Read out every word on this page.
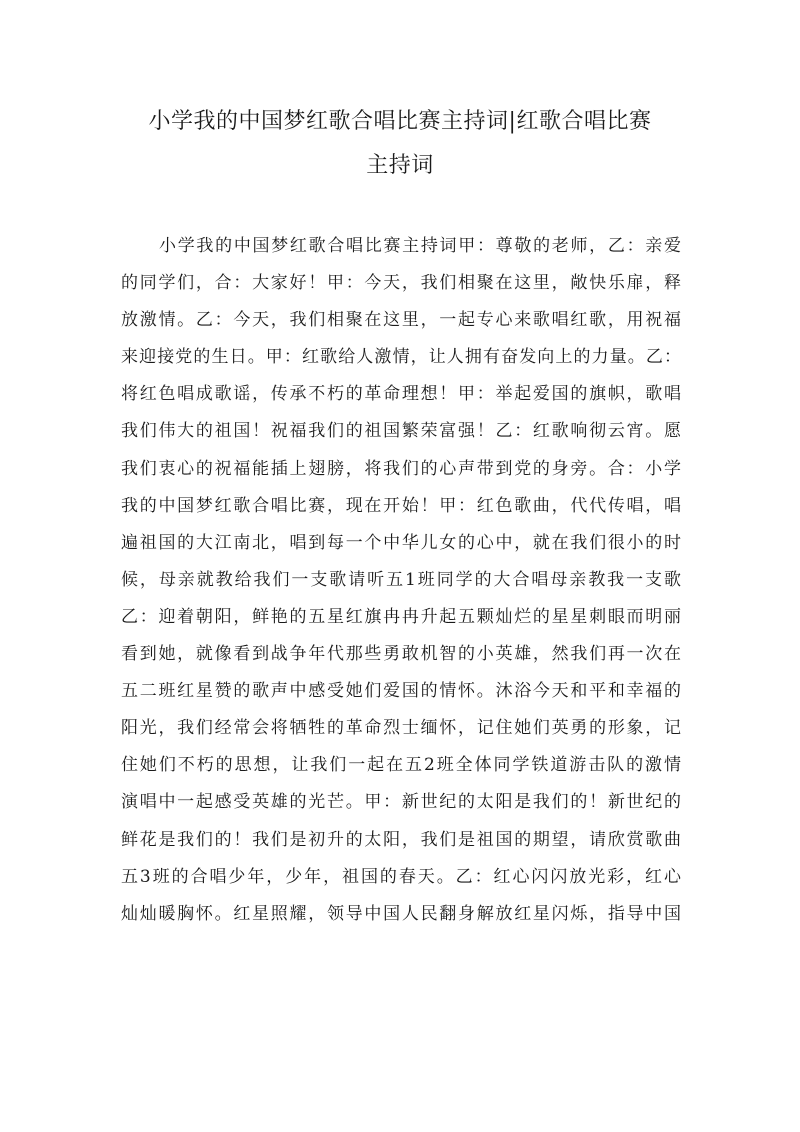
小学我的中国梦红歌合唱比赛主持词|红歌合唱比赛
主持词
小学我的中国梦红歌合唱比赛主持词甲：尊敬的老师，乙：亲爱
的同学们，合：大家好！甲：今天，我们相聚在这里，敞快乐扉，释
放激情。乙：今天，我们相聚在这里，一起专心来歌唱红歌，用祝福
来迎接党的生日。甲：红歌给人激情，让人拥有奋发向上的力量。乙：
将红色唱成歌谣，传承不朽的革命理想！甲：举起爱国的旗帜，歌唱
我们伟大的祖国！祝福我们的祖国繁荣富强！乙：红歌响彻云宵。愿
我们衷心的祝福能插上翅膀，将我们的心声带到党的身旁。合：小学
我的中国梦红歌合唱比赛，现在开始！甲：红色歌曲，代代传唱，唱
遍祖国的大江南北，唱到每一个中华儿女的心中，就在我们很小的时
候，母亲就教给我们一支歌请听五1班同学的大合唱母亲教我一支歌
乙：迎着朝阳，鲜艳的五星红旗冉冉升起五颗灿烂的星星刺眼而明丽
看到她，就像看到战争年代那些勇敢机智的小英雄，然我们再一次在
五二班红星赞的歌声中感受她们爱国的情怀。沐浴今天和平和幸福的
阳光，我们经常会将牺牲的革命烈士缅怀，记住她们英勇的形象，记
住她们不朽的思想，让我们一起在五2班全体同学铁道游击队的激情
演唱中一起感受英雄的光芒。甲：新世纪的太阳是我们的！新世纪的
鲜花是我们的！我们是初升的太阳，我们是祖国的期望，请欣赏歌曲
五3班的合唱少年，少年，祖国的春天。乙：红心闪闪放光彩，红心
灿灿暖胸怀。红星照耀，领导中国人民翻身解放红星闪烁，指导中国
